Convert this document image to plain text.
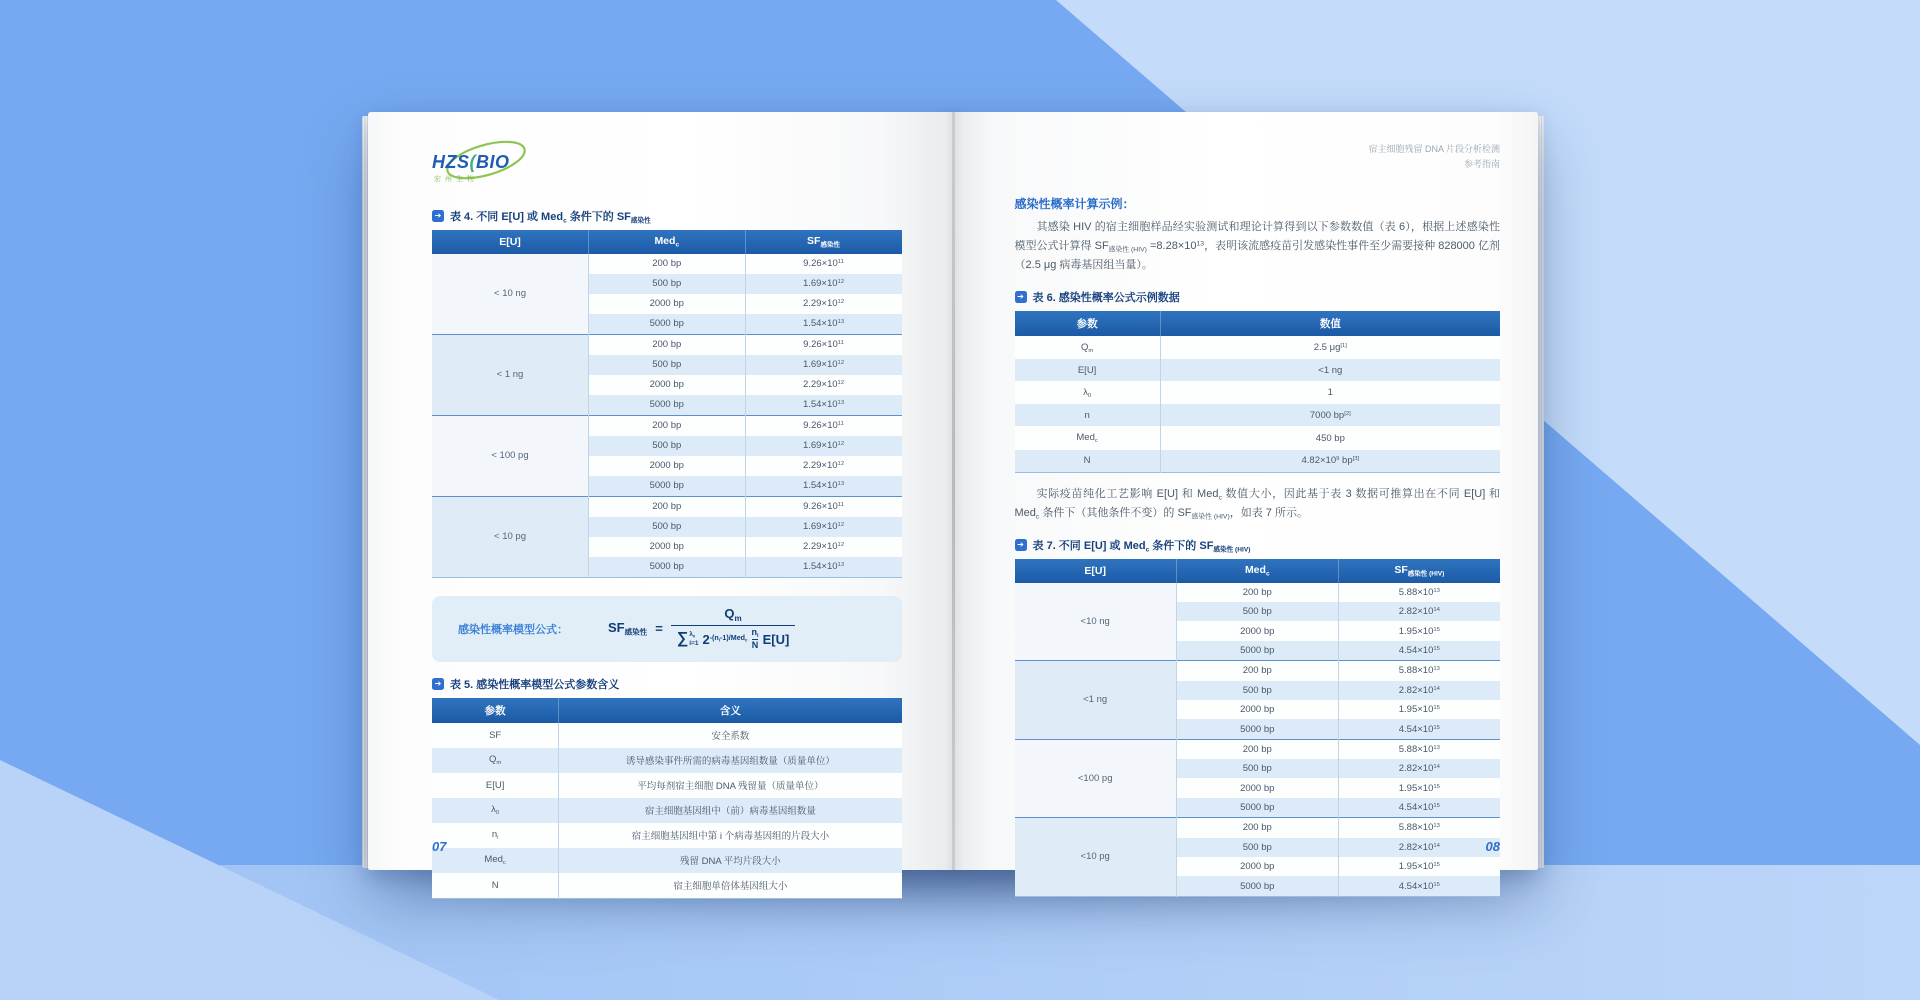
HZS(BIO
宏州生物
➔ 表 4. 不同 E[U] 或 Med$_c$ 条件下的 $SF_{感染性}$
E[U]	Med$_c$	$SF_{感染性}$
< 10 ng	200 bp	$9.26\times 10^{11}$
	500 bp	$1.69\times 10^{12}$
	2000 bp	$2.29\times 10^{12}$
	5000 bp	$1.54\times 10^{13}$
< 1 ng	200 bp	$9.26\times 10^{11}$
	500 bp	$1.69\times 10^{12}$
	2000 bp	$2.29\times 10^{12}$
	5000 bp	$1.54\times 10^{13}$
< 100 pg	200 bp	$9.26\times 10^{11}$
	500 bp	$1.69\times 10^{12}$
	2000 bp	$2.29\times 10^{12}$
	5000 bp	$1.54\times 10^{13}$
< 10 pg	200 bp	$9.26\times 10^{11}$
	500 bp	$1.69\times 10^{12}$
	2000 bp	$2.29\times 10^{12}$
	5000 bp	$1.54\times 10^{13}$
感染性概率模型公式：	$SF_{感染性}$ =
$Q_m$
∑ $\lambda_0$
i=1 $2^{-(n_i-1)/Med_c} \frac{n_i}{N} E[U]$
➔ 表 5. 感染性概率模型公式参数含义
参数	含义
SF	安全系数
$Q_m$	诱导感染事件所需的病毒基因组数量（质量单位）
E[U]	平均每剂宿主细胞 DNA 残留量（质量单位）
$\lambda_0$	宿主细胞基因组中（前）病毒基因组数量
$n_i$	宿主细胞基因组中第 i 个病毒基因组的片段大小
Med$_c$	残留 DNA 平均片段大小
N	宿主细胞单倍体基因组大小
07
宿主细胞残留 DNA 片段分析检测
参考指南
感染性概率计算示例：

其感染 HIV 的宿主细胞样品经实验测试和理论计算得到以下参数数值（表 6），根据上述感染性模型公式计算得 $SF_{感染性 (HIV)} =8.28\times 10^{13}$，表明该流感疫苗引发感染性事件至少需要接种 828000 亿剂（2.5 μg 病毒基因组当量）。

➔ 表 6. 感染性概率公式示例数据
参数	数值
$Q_m$	2.5 μg[1]
E[U]	<1 ng
$\lambda_0$	1
n	7000 bp[2]
Med$_c$	450 bp
N	$4.82\times 10^9$ bp[3]

实际疫苗纯化工艺影响 E[U] 和 Med$_c$ 数值大小，因此基于表 3 数据可推算出在不同 E[U] 和 Med$_c$ 条件下（其他条件不变）的 $SF_{感染性 (HIV)}$，如表 7 所示。

➔ 表 7. 不同 E[U] 或 Med$_c$ 条件下的 $SF_{感染性 (HIV)}$
E[U]	Med$_c$	$SF_{感染性 (HIV)}$
<10 ng	200 bp	$5.88\times 10^{13}$
	500 bp	$2.82\times 10^{14}$
	2000 bp	$1.95\times 10^{15}$
	5000 bp	$4.54\times 10^{15}$
<1 ng	200 bp	$5.88\times 10^{13}$
	500 bp	$2.82\times 10^{14}$
	2000 bp	$1.95\times 10^{15}$
	5000 bp	$4.54\times 10^{15}$
<100 pg	200 bp	$5.88\times 10^{13}$
	500 bp	$2.82\times 10^{14}$
	2000 bp	$1.95\times 10^{15}$
	5000 bp	$4.54\times 10^{15}$
<10 pg	200 bp	$5.88\times 10^{13}$
	500 bp	$2.82\times 10^{14}$
	2000 bp	$1.95\times 10^{15}$
	5000 bp	$4.54\times 10^{15}$
08
